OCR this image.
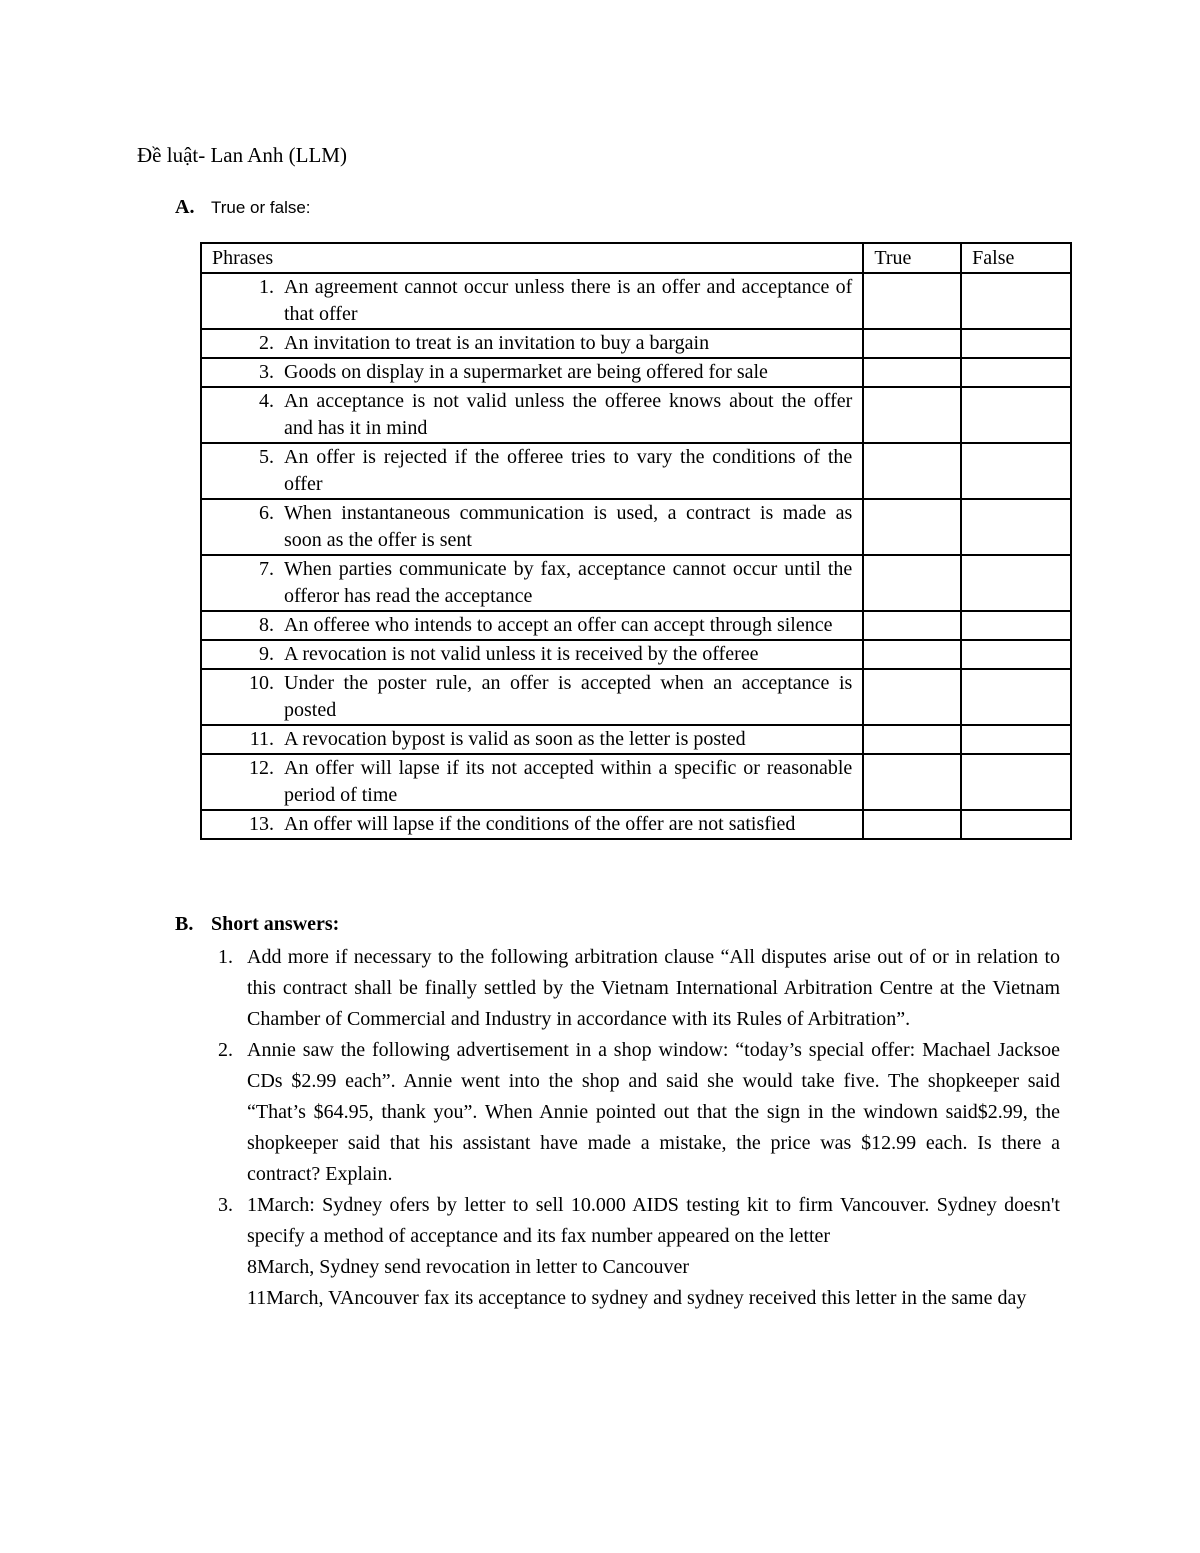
Đề luật- Lan Anh (LLM)
A. True or false:
Phrases	True	False

1. An agreement cannot occur unless there is an offer and acceptance of that offer		

2. An invitation to treat is an invitation to buy a bargain		

3. Goods on display in a supermarket are being offered for sale		

4. An acceptance is not valid unless the offeree knows about the offer and has it in mind		

5. An offer is rejected if the offeree tries to vary the conditions of the offer		

6. When instantaneous communication is used, a contract is made as soon as the offer is sent		

7. When parties communicate by fax, acceptance cannot occur until the offeror has read the acceptance		

8. An offeree who intends to accept an offer can accept through silence		

9. A revocation is not valid unless it is received by the offeree		

10. Under the poster rule, an offer is accepted when an acceptance is posted		

11. A revocation bypost is valid as soon as the letter is posted		

12. An offer will lapse if its not accepted within a specific or reasonable period of time		

13. An offer will lapse if the conditions of the offer are not satisfied		

B. Short answers:
1. Add more if necessary to the following arbitration clause “All disputes arise out of or in relation to this contract shall be finally settled by the Vietnam International Arbitration Centre at the Vietnam Chamber of Commercial and Industry in accordance with its Rules of Arbitration”.
2. Annie saw the following advertisement in a shop window: “today’s special offer: Machael Jacksoe CDs $2.99 each”. Annie went into the shop and said she would take five. The shopkeeper said “That’s $64.95, thank you”. When Annie pointed out that the sign in the windown said$2.99, the shopkeeper said that his assistant have made a mistake, the price was $12.99 each. Is there a contract? Explain.
3. 1March: Sydney ofers by letter to sell 10.000 AIDS testing kit to firm Vancouver. Sydney doesn't specify a method of acceptance and its fax number appeared on the letter
8March, Sydney send revocation in letter to Cancouver
11March, VAncouver fax its acceptance to sydney and sydney received this letter in the same day
